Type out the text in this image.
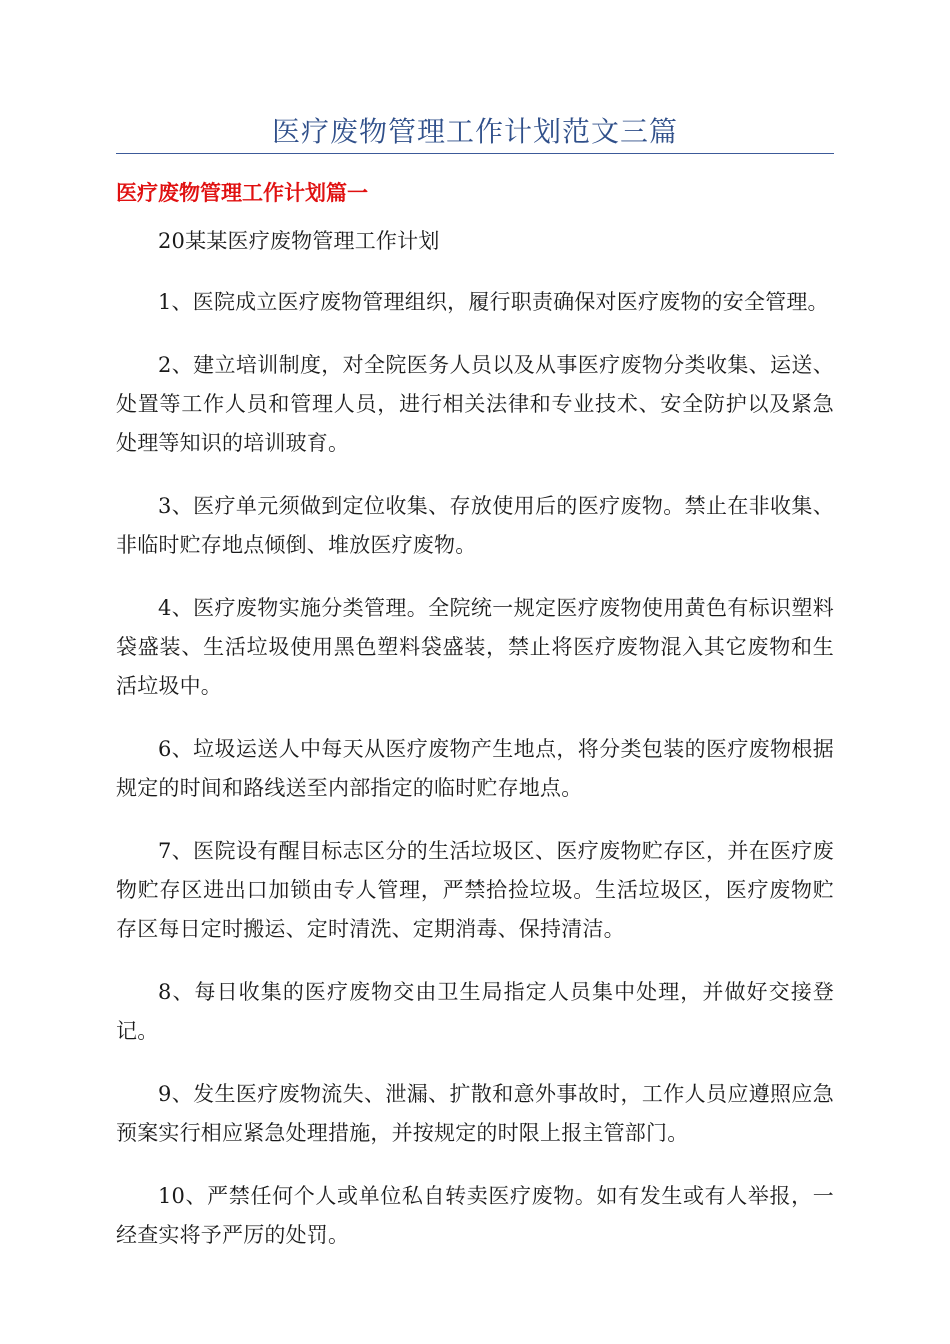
医疗废物管理工作计划范文三篇
医疗废物管理工作计划篇一

20某某医疗废物管理工作计划

1、医院成立医疗废物管理组织，履行职责确保对医疗废物的安全管理。

2、建立培训制度，对全院医务人员以及从事医疗废物分类收集、运送、处置等工作人员和管理人员，进行相关法律和专业技术、安全防护以及紧急处理等知识的培训玻育。

3、医疗单元须做到定位收集、存放使用后的医疗废物。禁止在非收集、非临时贮存地点倾倒、堆放医疗废物。

4、医疗废物实施分类管理。全院统一规定医疗废物使用黄色有标识塑料袋盛装、生活垃圾使用黑色塑料袋盛装，禁止将医疗废物混入其它废物和生活垃圾中。

6、垃圾运送人中每天从医疗废物产生地点，将分类包装的医疗废物根据规定的时间和路线送至内部指定的临时贮存地点。

7、医院设有醒目标志区分的生活垃圾区、医疗废物贮存区，并在医疗废物贮存区进出口加锁由专人管理，严禁拾捡垃圾。生活垃圾区，医疗废物贮存区每日定时搬运、定时清洗、定期消毒、保持清洁。

8、每日收集的医疗废物交由卫生局指定人员集中处理，并做好交接登记。

9、发生医疗废物流失、泄漏、扩散和意外事故时，工作人员应遵照应急预案实行相应紧急处理措施，并按规定的时限上报主管部门。

10、严禁任何个人或单位私自转卖医疗废物。如有发生或有人举报，一经查实将予严厉的处罚。
